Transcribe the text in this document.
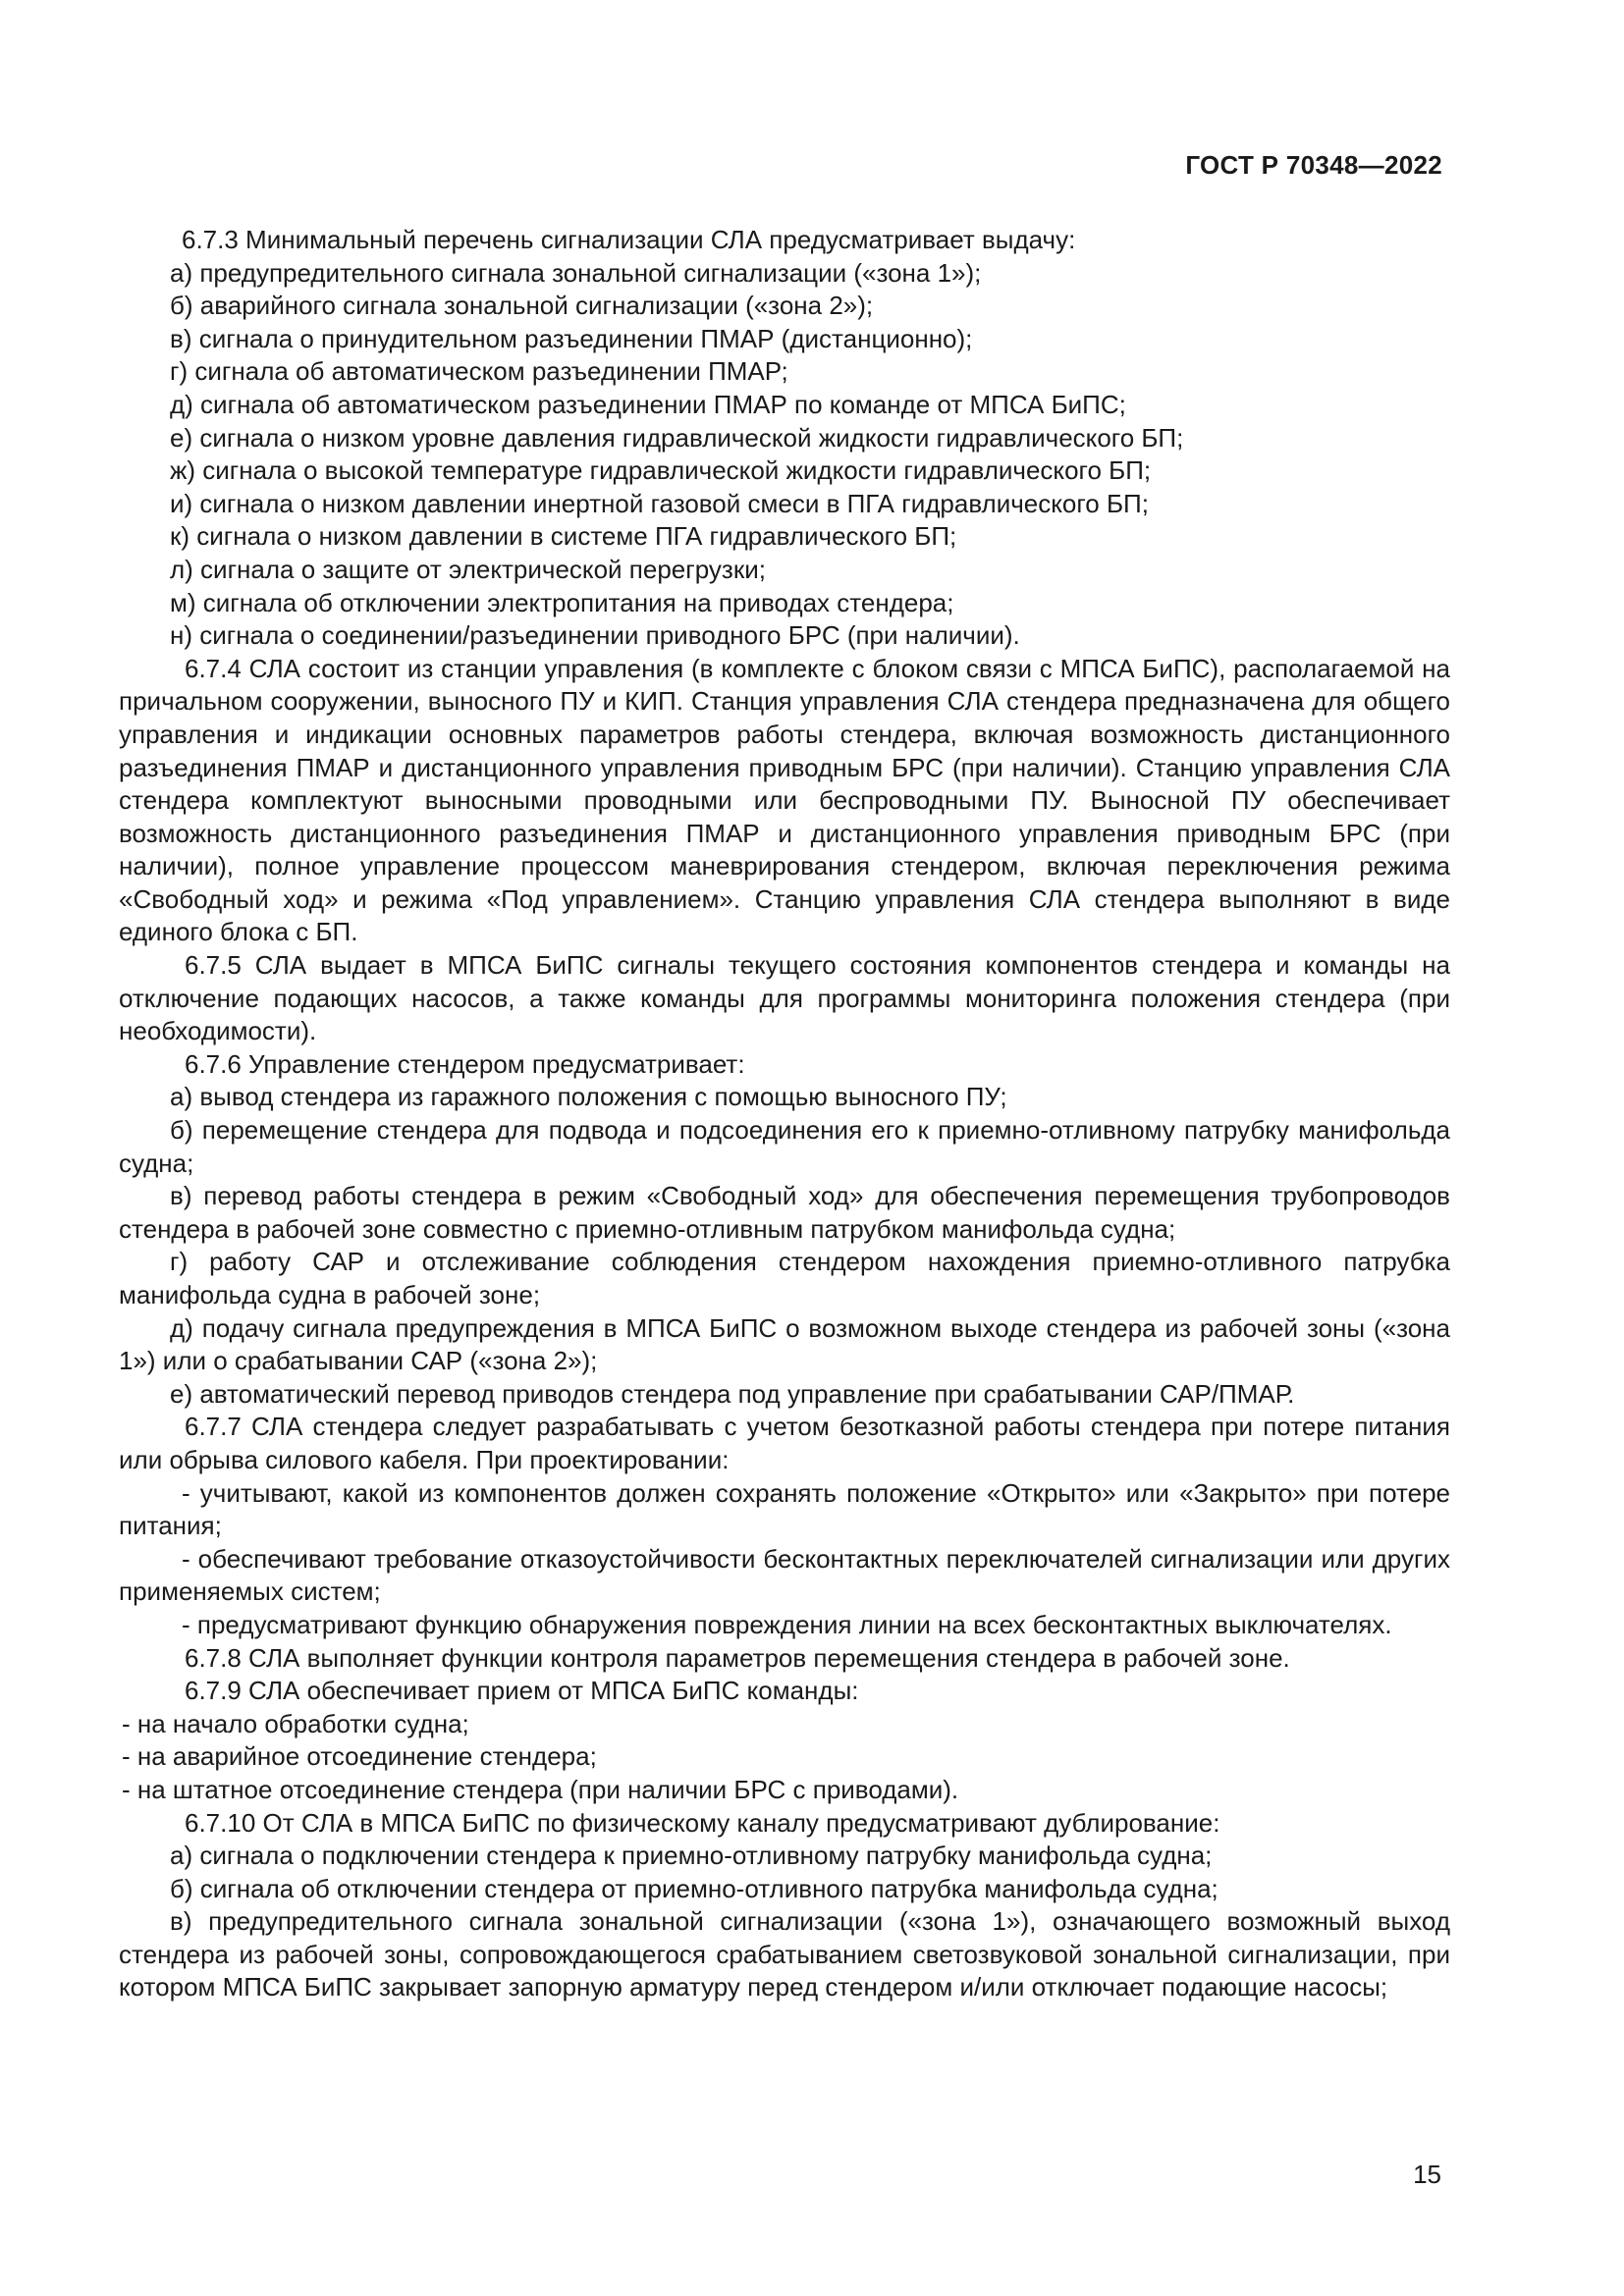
ГОСТ Р 70348—2022

6.7.3 Минимальный перечень сигнализации СЛА предусматривает выдачу:

а) предупредительного сигнала зональной сигнализации («зона 1»);

б) аварийного сигнала зональной сигнализации («зона 2»);

в) сигнала о принудительном разъединении ПМАР (дистанционно);

г) сигнала об автоматическом разъединении ПМАР;

д) сигнала об автоматическом разъединении ПМАР по команде от МПСА БиПС;

е) сигнала о низком уровне давления гидравлической жидкости гидравлического БП;

ж) сигнала о высокой температуре гидравлической жидкости гидравлического БП;

и) сигнала о низком давлении инертной газовой смеси в ПГА гидравлического БП;

к) сигнала о низком давлении в системе ПГА гидравлического БП;

л) сигнала о защите от электрической перегрузки;

м) сигнала об отключении электропитания на приводах стендера;

н) сигнала о соединении/разъединении приводного БРС (при наличии).

6.7.4 СЛА состоит из станции управления (в комплекте с блоком связи с МПСА БиПС), располагаемой на причальном сооружении, выносного ПУ и КИП. Станция управления СЛА стендера предназначена для общего управления и индикации основных параметров работы стендера, включая возможность дистанционного разъединения ПМАР и дистанционного управления приводным БРС (при наличии). Станцию управления СЛА стендера комплектуют выносными проводными или беспроводными ПУ. Выносной ПУ обеспечивает возможность дистанционного разъединения ПМАР и дистанционного управления приводным БРС (при наличии), полное управление процессом маневрирования стендером, включая переключения режима «Свободный ход» и режима «Под управлением». Станцию управления СЛА стендера выполняют в виде единого блока с БП.

6.7.5 СЛА выдает в МПСА БиПС сигналы текущего состояния компонентов стендера и команды на отключение подающих насосов, а также команды для программы мониторинга положения стендера (при необходимости).

6.7.6 Управление стендером предусматривает:

а) вывод стендера из гаражного положения с помощью выносного ПУ;

б) перемещение стендера для подвода и подсоединения его к приемно-отливному патрубку манифольда судна;

в) перевод работы стендера в режим «Свободный ход» для обеспечения перемещения трубопроводов стендера в рабочей зоне совместно с приемно-отливным патрубком манифольда судна;

г) работу САР и отслеживание соблюдения стендером нахождения приемно-отливного патрубка манифольда судна в рабочей зоне;

д) подачу сигнала предупреждения в МПСА БиПС о возможном выходе стендера из рабочей зоны («зона 1») или о срабатывании САР («зона 2»);

е) автоматический перевод приводов стендера под управление при срабатывании САР/ПМАР.

6.7.7 СЛА стендера следует разрабатывать с учетом безотказной работы стендера при потере питания или обрыва силового кабеля. При проектировании:

- учитывают, какой из компонентов должен сохранять положение «Открыто» или «Закрыто» при потере питания;

- обеспечивают требование отказоустойчивости бесконтактных переключателей сигнализации или других применяемых систем;

- предусматривают функцию обнаружения повреждения линии на всех бесконтактных выключателях.

6.7.8 СЛА выполняет функции контроля параметров перемещения стендера в рабочей зоне.

6.7.9 СЛА обеспечивает прием от МПСА БиПС команды:

- на начало обработки судна;

- на аварийное отсоединение стендера;

- на штатное отсоединение стендера (при наличии БРС с приводами).

6.7.10 От СЛА в МПСА БиПС по физическому каналу предусматривают дублирование:

а) сигнала о подключении стендера к приемно-отливному патрубку манифольда судна;

б) сигнала об отключении стендера от приемно-отливного патрубка манифольда судна;

в) предупредительного сигнала зональной сигнализации («зона 1»), означающего возможный выход стендера из рабочей зоны, сопровождающегося срабатыванием светозвуковой зональной сигнализации, при котором МПСА БиПС закрывает запорную арматуру перед стендером и/или отключает подающие насосы;

15
